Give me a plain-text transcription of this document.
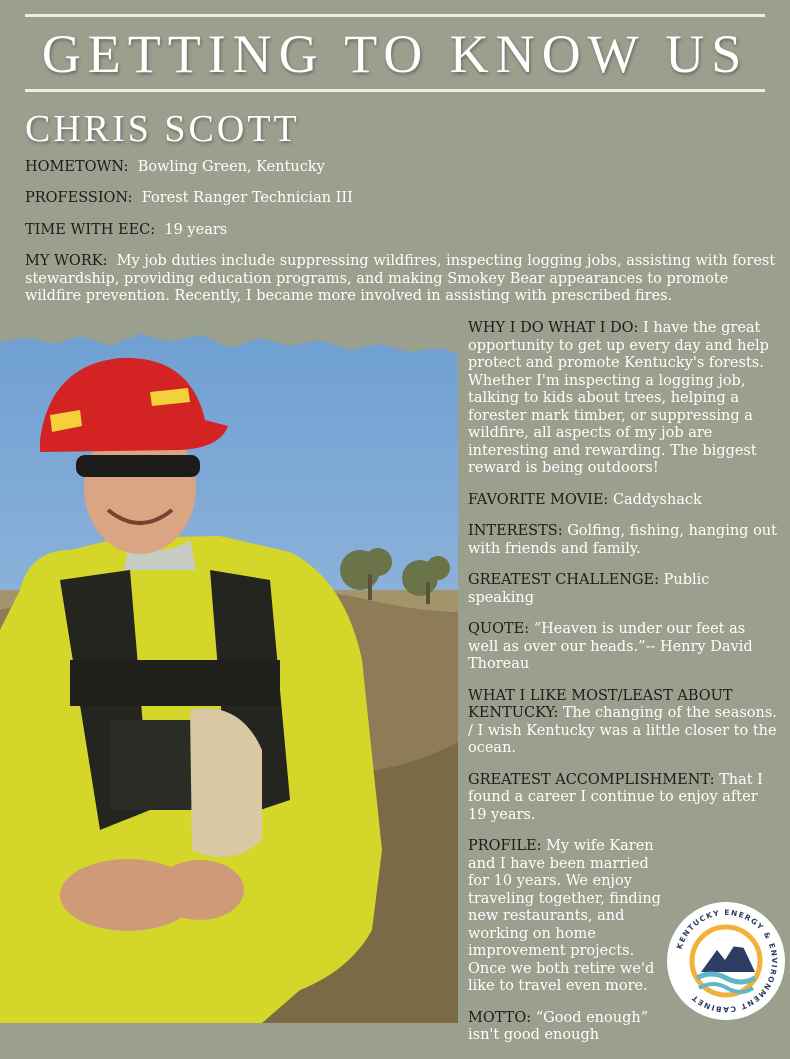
GETTING TO KNOW US
CHRIS SCOTT
HOMETOWN: Bowling Green, Kentucky
PROFESSION: Forest Ranger Technician III
TIME WITH EEC: 19 years
MY WORK: My job duties include suppressing wildfires, inspecting logging jobs, assisting with forest stewardship, providing education programs, and making Smokey Bear appearances to promote wildfire prevention. Recently, I became more involved in assisting with prescribed fires.

WHY I DO WHAT I DO: I have the great opportunity to get up every day and help protect and promote Kentucky's forests. Whether I'm inspecting a logging job, talking to kids about trees, helping a forester mark timber, or suppressing a wildfire, all aspects of my job are interesting and rewarding. The biggest reward is being outdoors!

FAVORITE MOVIE: Caddyshack

INTERESTS: Golfing, fishing, hanging out with friends and family.

GREATEST CHALLENGE: Public speaking

QUOTE: “Heaven is under our feet as well as over our heads.”-- Henry David Thoreau

WHAT I LIKE MOST/LEAST ABOUT KENTUCKY: The changing of the seasons. / I wish Kentucky was a little closer to the ocean.

GREATEST ACCOMPLISHMENT: That I found a career I continue to enjoy after 19 years.

PROFILE: My wife Karen and I have been married for 10 years. We enjoy traveling together, finding new restaurants, and working on home improvement projects. Once we both retire we'd like to travel even more.

MOTTO: “Good enough” isn't good enough

KENTUCKY ENERGY & ENVIRONMENT CABINET
